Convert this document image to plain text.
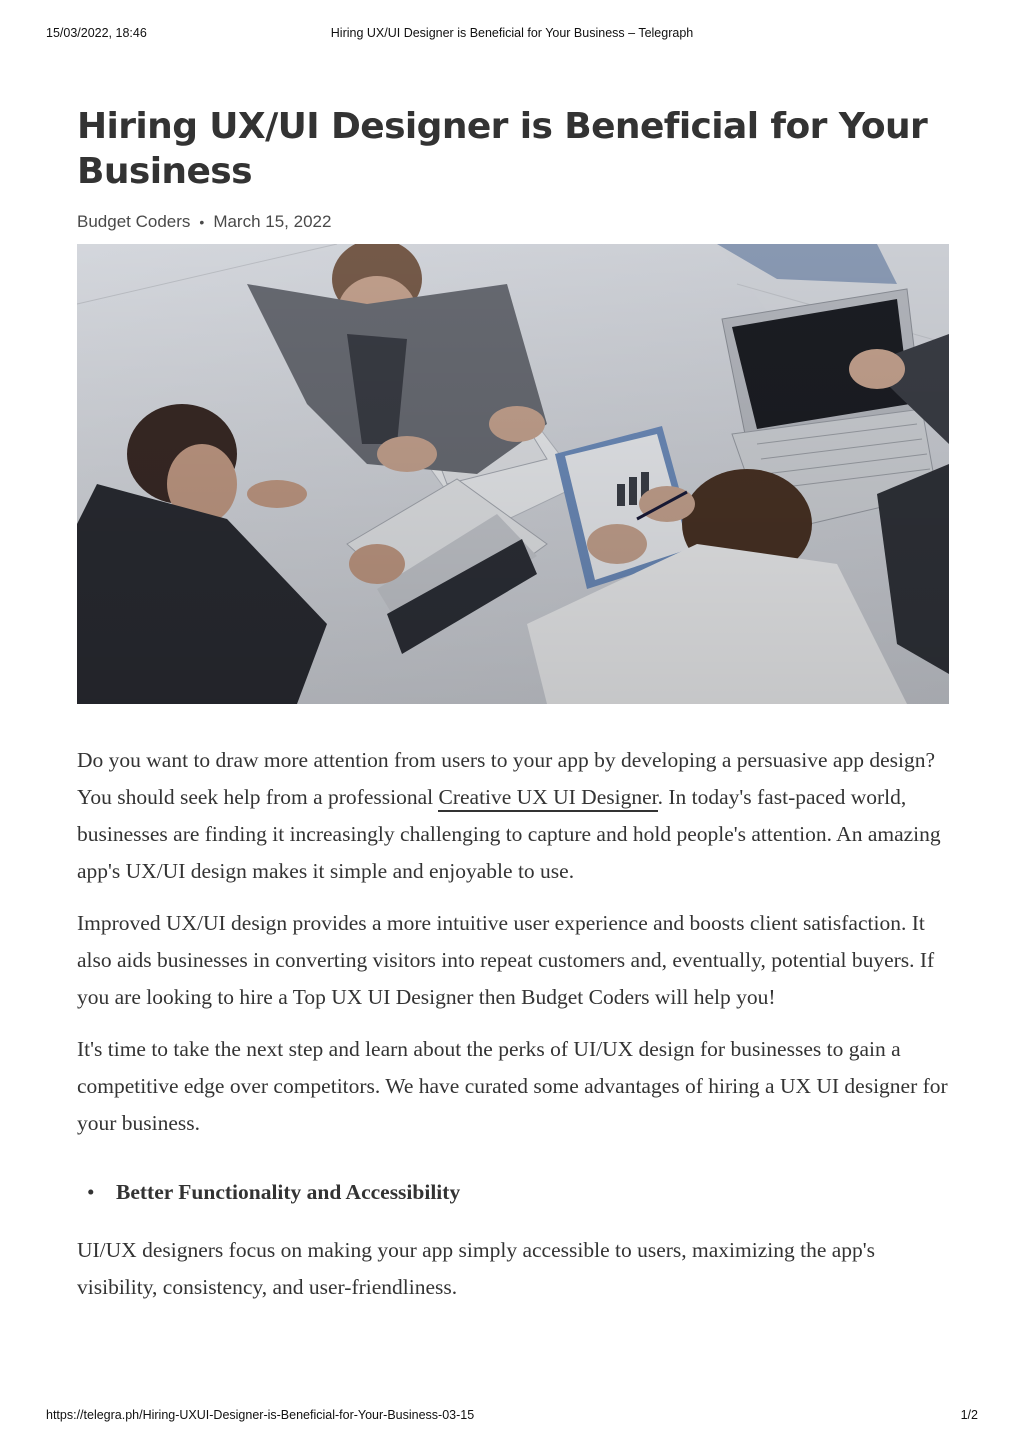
15/03/2022, 18:46	Hiring UX/UI Designer is Beneficial for Your Business – Telegraph
Hiring UX/UI Designer is Beneficial for Your Business
Budget Coders • March 15, 2022

Do you want to draw more attention from users to your app by developing a persuasive app design? You should seek help from a professional Creative UX UI Designer. In today's fast-paced world, businesses are finding it increasingly challenging to capture and hold people's attention. An amazing app's UX/UI design makes it simple and enjoyable to use.

Improved UX/UI design provides a more intuitive user experience and boosts client satisfaction. It also aids businesses in converting visitors into repeat customers and, eventually, potential buyers. If you are looking to hire a Top UX UI Designer then Budget Coders will help you!

It's time to take the next step and learn about the perks of UI/UX design for businesses to gain a competitive edge over competitors. We have curated some advantages of hiring a UX UI designer for your business.

• Better Functionality and Accessibility

UI/UX designers focus on making your app simply accessible to users, maximizing the app's visibility, consistency, and user-friendliness.

https://telegra.ph/Hiring-UXUI-Designer-is-Beneficial-for-Your-Business-03-15	1/2
